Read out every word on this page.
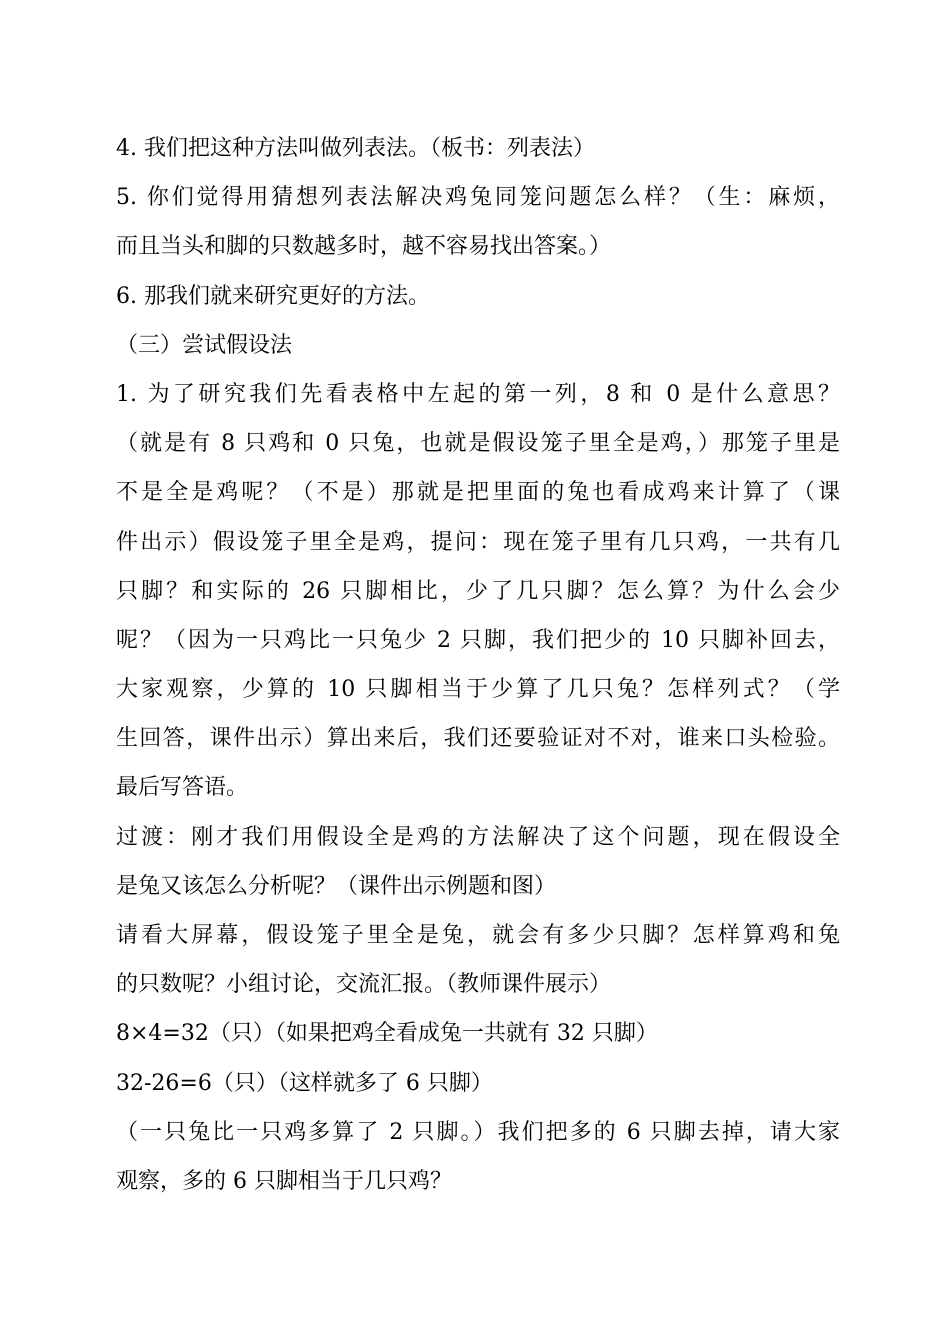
4. 我们把这种方法叫做列表法。（板书：列表法）
5. 你们觉得用猜想列表法解决鸡兔同笼问题怎么样？（生：麻烦，
而且当头和脚的只数越多时，越不容易找出答案。）
6. 那我们就来研究更好的方法。
（三）尝试假设法
1. 为了研究我们先看表格中左起的第一列，8 和 0 是什么意思？
（就是有 8 只鸡和 0 只兔，也就是假设笼子里全是鸡，）那笼子里是
不是全是鸡呢？（不是）那就是把里面的兔也看成鸡来计算了（课
件出示）假设笼子里全是鸡，提问：现在笼子里有几只鸡，一共有几
只脚？和实际的 26 只脚相比，少了几只脚？怎么算？为什么会少
呢？（因为一只鸡比一只兔少 2 只脚，我们把少的 10 只脚补回去，
大家观察，少算的 10 只脚相当于少算了几只兔？怎样列式？（学
生回答，课件出示）算出来后，我们还要验证对不对，谁来口头检验。
最后写答语。
过渡：刚才我们用假设全是鸡的方法解决了这个问题，现在假设全
是兔又该怎么分析呢？（课件出示例题和图）
请看大屏幕，假设笼子里全是兔，就会有多少只脚？怎样算鸡和兔
的只数呢？小组讨论，交流汇报。（教师课件展示）
8×4=32（只）（如果把鸡全看成兔一共就有 32 只脚）
32-26=6（只）（这样就多了 6 只脚）
（一只兔比一只鸡多算了 2 只脚。）我们把多的 6 只脚去掉，请大家
观察，多的 6 只脚相当于几只鸡？
